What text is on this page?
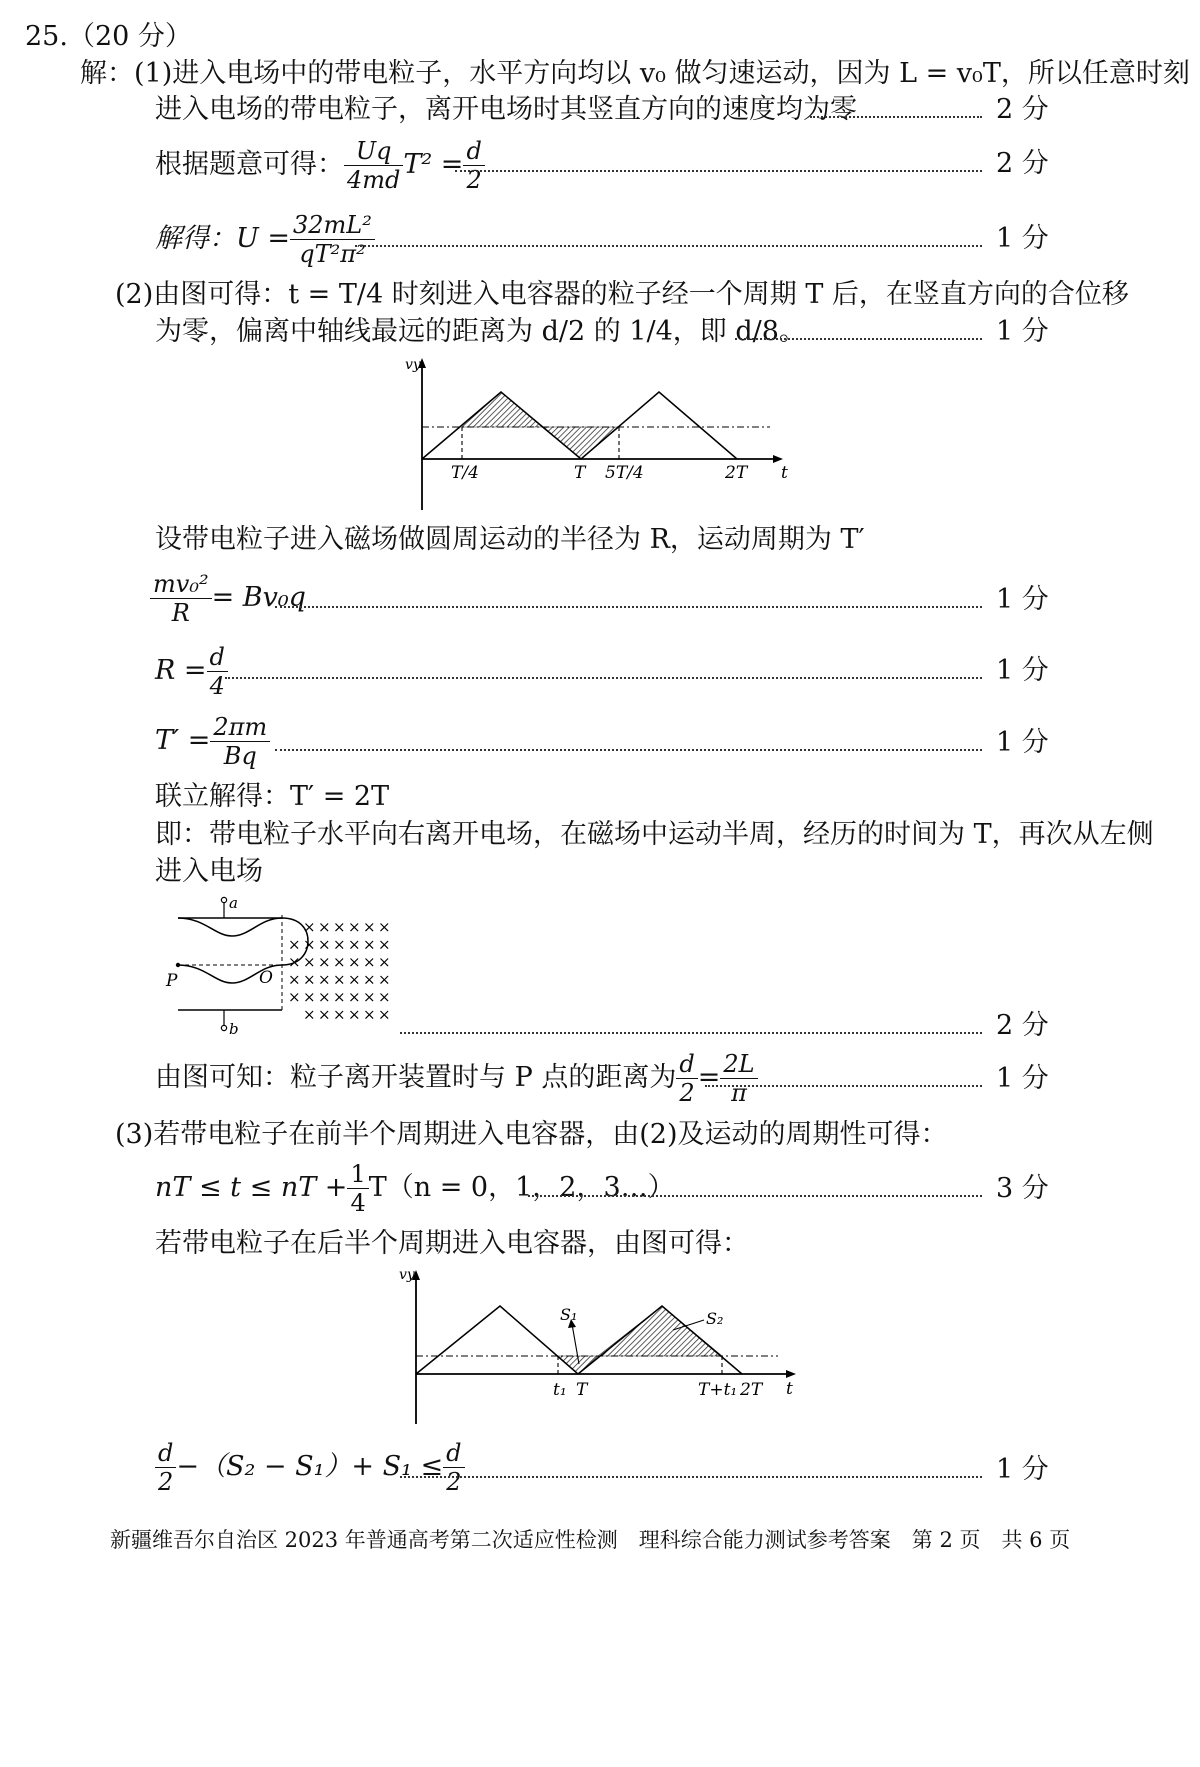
25.（20 分）
解：(1)进入电场中的带电粒子，水平方向均以 v₀ 做匀速运动，因为 L = v₀T，所以任意时刻
进入电场的带电粒子，离开电场时其竖直方向的速度均为零	2 分
根据题意可得： $\frac{Uq}{4md} T^2 = \frac{d}{2}$	2 分
解得：$U = \frac{\text{32mL²}}{\text{qT²π²}}$	1 分
(2)由图可得：t = T/4 时刻进入电容器的粒子经一个周期 T 后，在竖直方向的合位移
为零，偏离中轴线最远的距离为 d/2 的 1/4，即 d/8。	1 分
vy
t
T/4	T 5T/4	2T
设带电粒子进入磁场做圆周运动的半径为 R，运动周期为 T′
$\frac{\text{mv₀²}}{R} = Bv_0q$	1 分
$R = \frac{d}{4}$	1 分
$T' = \frac{2\pi m}{Bq}$	1 分
联立解得：T′ = 2T
即：带电粒子水平向右离开电场，在磁场中运动半周，经历的时间为 T，再次从左侧
进入电场
a
b
P	O
× × × × × ×
× × × × × × ×
× × × × × × ×
× × × × × × ×
× × × × × × ×
× × × × × ×	2 分
由图可知：粒子离开装置时与 P 点的距离为 $\frac{d}{2} = \frac{2L}{\pi}$	1 分
(3)若带电粒子在前半个周期进入电容器，由(2)及运动的周期性可得：
nT ≤ t ≤ nT + $\frac{1}{4} T(n = 0$，1，2，3…）	3 分
若带电粒子在后半个周期进入电容器，由图可得：
S₁	S₂
vy
t
t₁ T	T+t₁ 2T
$\frac{d}{2} -(S_2 - S_1)+ S_1 \le \frac{d}{2}$	1 分
新疆维吾尔自治区 2023 年普通高考第二次适应性检测　理科综合能力测试参考答案　第 2 页　共 6 页
